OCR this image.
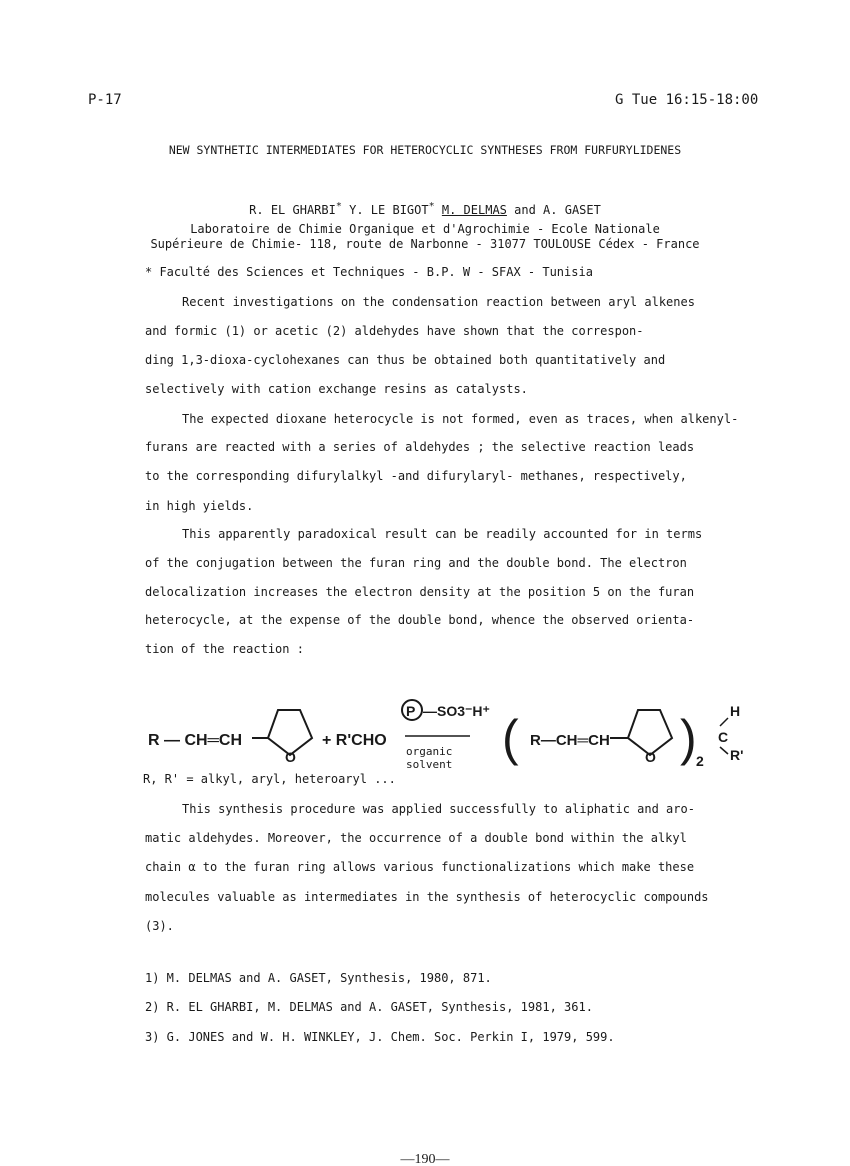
P-17	G Tue 16:15-18:00
NEW SYNTHETIC INTERMEDIATES FOR HETEROCYCLIC SYNTHESES FROM FURFURYLIDENES
R. EL GHARBI* Y. LE BIGOT* M. DELMAS and A. GASET
Laboratoire de Chimie Organique et d'Agrochimie - Ecole Nationale
Supérieure de Chimie- 118, route de Narbonne - 31077 TOULOUSE Cédex - France
* Faculté des Sciences et Techniques - B.P. W - SFAX - Tunisia
Recent investigations on the condensation reaction between aryl alkenes
and formic (1) or acetic (2) aldehydes have shown that the correspon-
ding 1,3-dioxa-cyclohexanes can thus be obtained both quantitatively and
selectively with cation exchange resins as catalysts.
The expected dioxane heterocycle is not formed, even as traces, when alkenyl-
furans are reacted with a series of aldehydes ; the selective reaction leads
to the corresponding difurylalkyl -and difurylaryl- methanes, respectively,
in high yields.
This apparently paradoxical result can be readily accounted for in terms
of the conjugation between the furan ring and the double bond. The electron
delocalization increases the electron density at the position 5 on the furan
heterocycle, at the expense of the double bond, whence the observed orienta-
tion of the reaction :
R — CH═CH
O
+ R'CHO
P —SO3⁻H⁺
organic
solvent ( R—CH═CH
O ) 2
C
H
R'
R, R' = alkyl, aryl, heteroaryl ...
This synthesis procedure was applied successfully to aliphatic and aro-
matic aldehydes. Moreover, the occurrence of a double bond within the alkyl
chain α to the furan ring allows various functionalizations which make these
molecules valuable as intermediates in the synthesis of heterocyclic compounds
(3).
1) M. DELMAS and A. GASET, Synthesis, 1980, 871.
2) R. EL GHARBI, M. DELMAS and A. GASET, Synthesis, 1981, 361.
3) G. JONES and W. H. WINKLEY, J. Chem. Soc. Perkin I, 1979, 599.
—190—
